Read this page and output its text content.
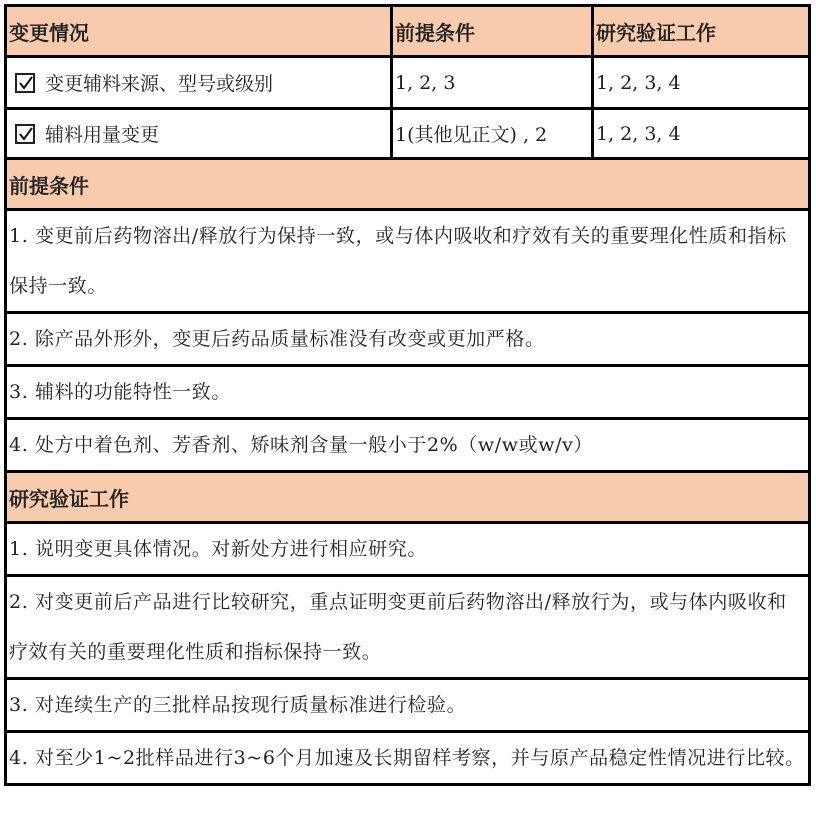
变更情况	前提条件	研究验证工作
变更辅料来源、型号或级别	1, 2, 3	1, 2, 3, 4
辅料用量变更	1(其他见正文) , 2	1, 2, 3, 4
前提条件
1. 变更前后药物溶出/释放行为保持一致，或与体内吸收和疗效有关的重要理化性质和指标保持一致。
2. 除产品外形外，变更后药品质量标准没有改变或更加严格。
3. 辅料的功能特性一致。
4. 处方中着色剂、芳香剂、矫味剂含量一般小于2%（w/w或w/v）
研究验证工作
1. 说明变更具体情况。对新处方进行相应研究。
2. 对变更前后产品进行比较研究，重点证明变更前后药物溶出/释放行为，或与体内吸收和疗效有关的重要理化性质和指标保持一致。
3. 对连续生产的三批样品按现行质量标准进行检验。
4. 对至少1~2批样品进行3~6个月加速及长期留样考察，并与原产品稳定性情况进行比较。
